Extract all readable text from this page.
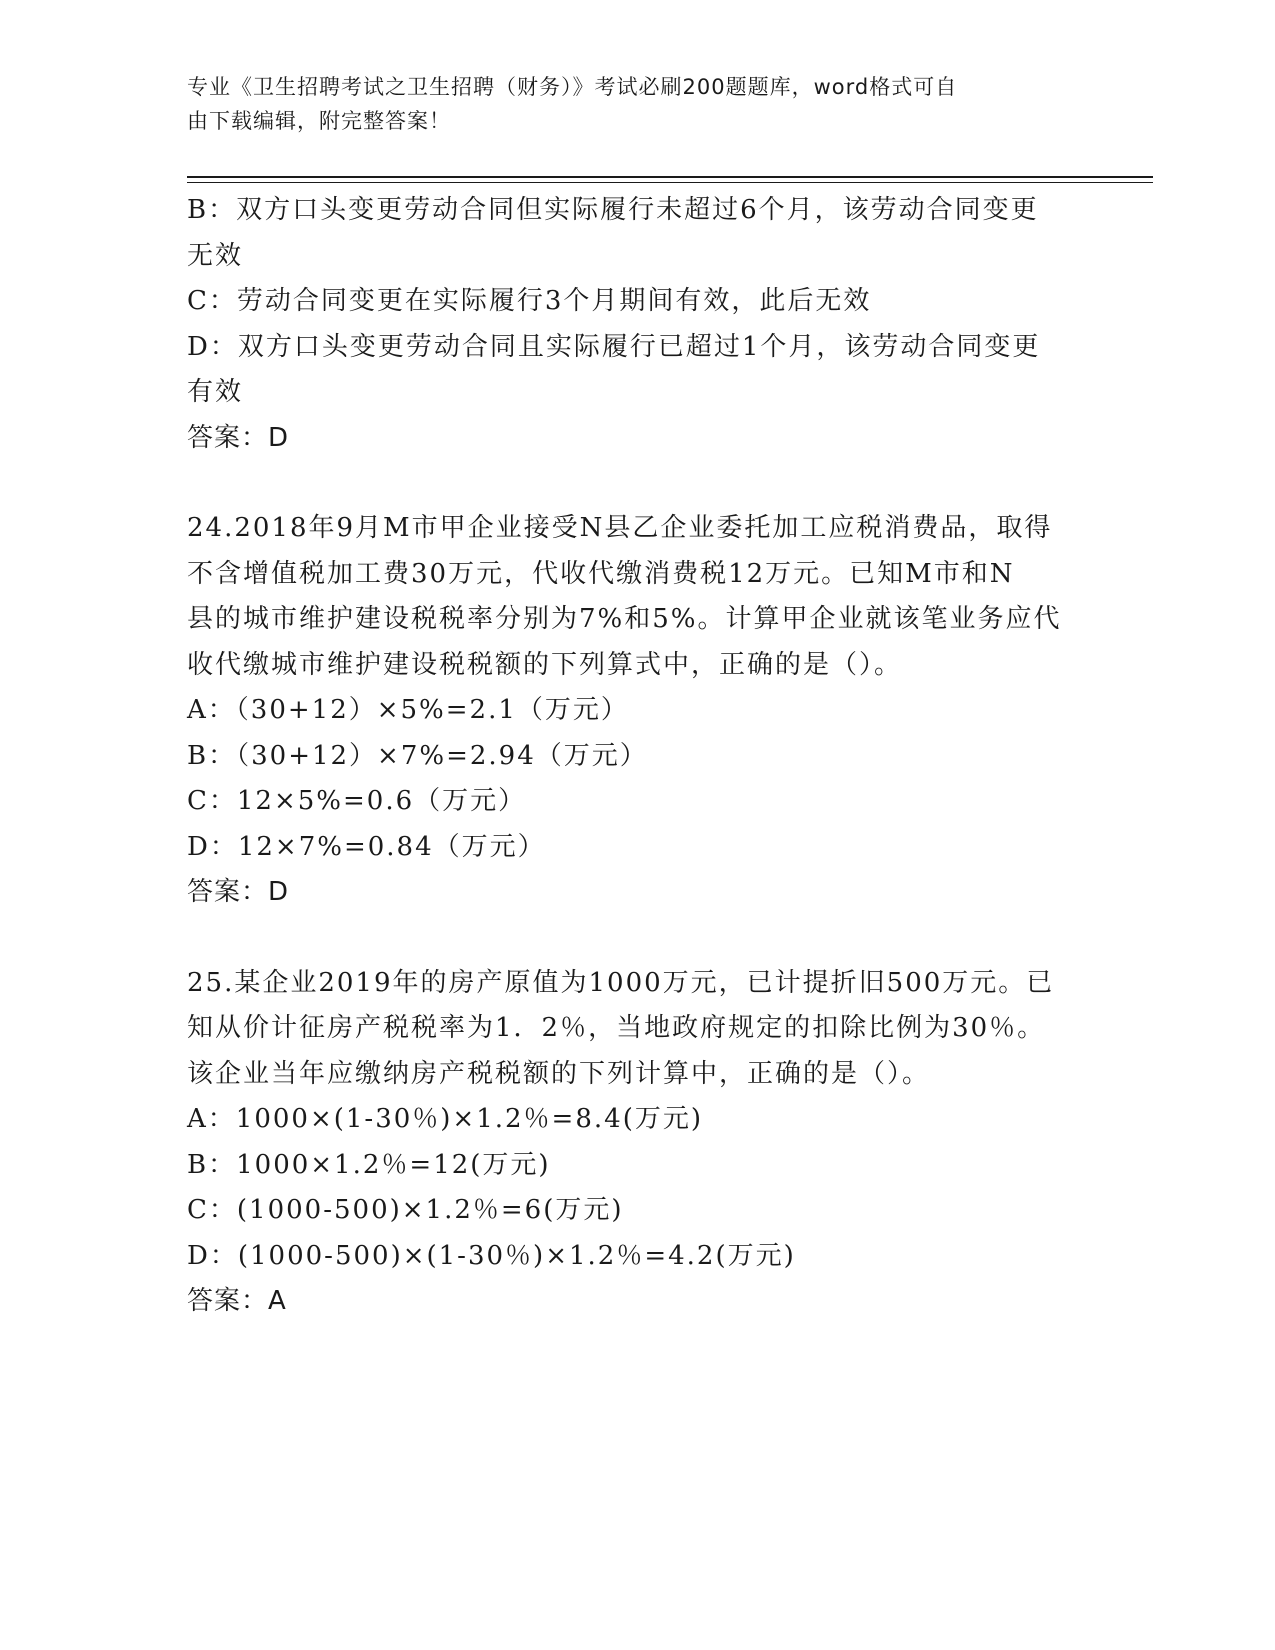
专业《卫生招聘考试之卫生招聘（财务）》考试必刷200题题库，word格式可自

由下载编辑，附完整答案！

B：双方口头变更劳动合同但实际履行未超过6个月，该劳动合同变更

无效

C：劳动合同变更在实际履行3个月期间有效，此后无效

D：双方口头变更劳动合同且实际履行已超过1个月，该劳动合同变更

有效

答案：D

24.2018年9月M市甲企业接受N县乙企业委托加工应税消费品，取得

不含增值税加工费30万元，代收代缴消费税12万元。已知M市和N

县的城市维护建设税税率分别为7%和5%。计算甲企业就该笔业务应代

收代缴城市维护建设税税额的下列算式中，正确的是（）。

A：（30+12）×5%=2.1（万元）

B：（30+12）×7%=2.94（万元）

C：12×5%=0.6（万元）

D：12×7%=0.84（万元）

答案：D

25.某企业2019年的房产原值为1000万元，已计提折旧500万元。已

知从价计征房产税税率为1．2％，当地政府规定的扣除比例为30％。

该企业当年应缴纳房产税税额的下列计算中，正确的是（）。

A：1000×(1-30％)×1.2％=8.4(万元)

B：1000×1.2％=12(万元)

C：(1000-500)×1.2％=6(万元)

D：(1000-500)×(1-30％)×1.2％=4.2(万元)

答案：A
